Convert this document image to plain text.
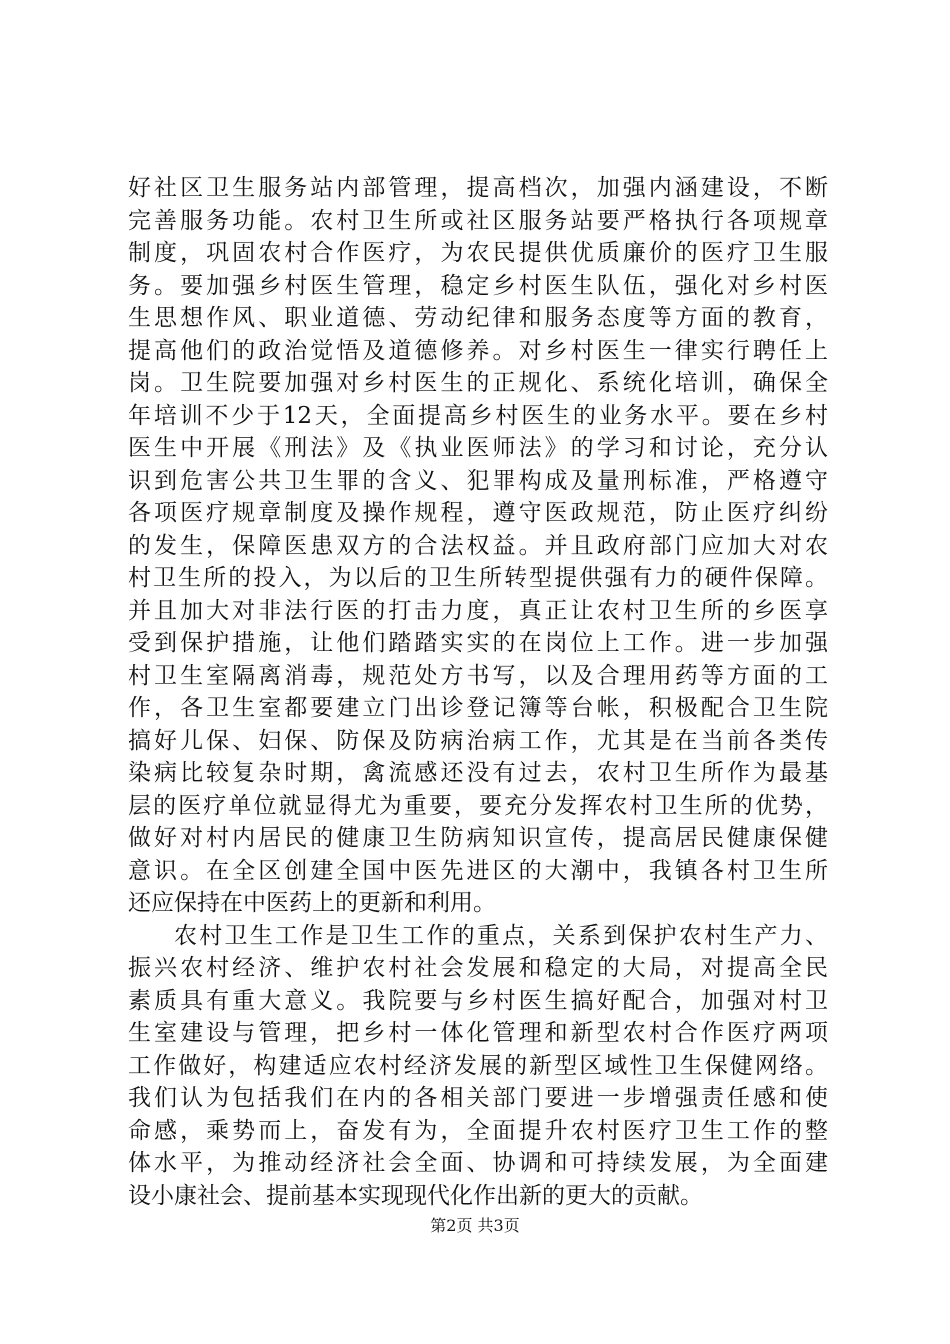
好社区卫生服务站内部管理，提高档次，加强内涵建设，不断
完善服务功能。农村卫生所或社区服务站要严格执行各项规章
制度，巩固农村合作医疗，为农民提供优质廉价的医疗卫生服
务。要加强乡村医生管理，稳定乡村医生队伍，强化对乡村医
生思想作风、职业道德、劳动纪律和服务态度等方面的教育，
提高他们的政治觉悟及道德修养。对乡村医生一律实行聘任上
岗。卫生院要加强对乡村医生的正规化、系统化培训，确保全
年培训不少于12天，全面提高乡村医生的业务水平。要在乡村
医生中开展《刑法》及《执业医师法》的学习和讨论，充分认
识到危害公共卫生罪的含义、犯罪构成及量刑标准，严格遵守
各项医疗规章制度及操作规程，遵守医政规范，防止医疗纠纷
的发生，保障医患双方的合法权益。并且政府部门应加大对农
村卫生所的投入，为以后的卫生所转型提供强有力的硬件保障。
并且加大对非法行医的打击力度，真正让农村卫生所的乡医享
受到保护措施，让他们踏踏实实的在岗位上工作。进一步加强
村卫生室隔离消毒，规范处方书写，以及合理用药等方面的工
作，各卫生室都要建立门出诊登记簿等台帐，积极配合卫生院
搞好儿保、妇保、防保及防病治病工作，尤其是在当前各类传
染病比较复杂时期，禽流感还没有过去，农村卫生所作为最基
层的医疗单位就显得尤为重要，要充分发挥农村卫生所的优势，
做好对村内居民的健康卫生防病知识宣传，提高居民健康保健
意识。在全区创建全国中医先进区的大潮中，我镇各村卫生所
还应保持在中医药上的更新和利用。
农村卫生工作是卫生工作的重点，关系到保护农村生产力、
振兴农村经济、维护农村社会发展和稳定的大局，对提高全民
素质具有重大意义。我院要与乡村医生搞好配合，加强对村卫
生室建设与管理，把乡村一体化管理和新型农村合作医疗两项
工作做好，构建适应农村经济发展的新型区域性卫生保健网络。
我们认为包括我们在内的各相关部门要进一步增强责任感和使
命感，乘势而上，奋发有为，全面提升农村医疗卫生工作的整
体水平，为推动经济社会全面、协调和可持续发展，为全面建
设小康社会、提前基本实现现代化作出新的更大的贡献。
第2页 共3页
